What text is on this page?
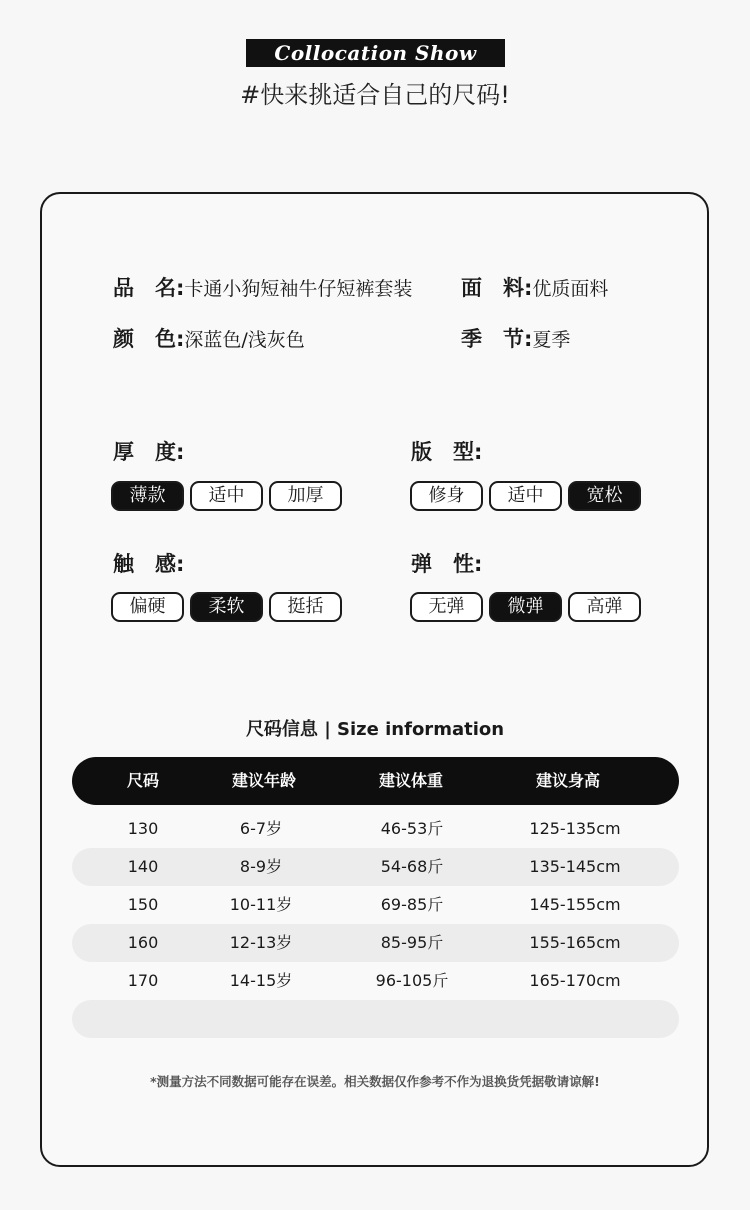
Collocation Show
#快来挑适合自己的尺码!
品　名:卡通小狗短袖牛仔短裤套装 面　料:优质面料
颜　色:深蓝色/浅灰色	季　节:夏季
厚　度:
薄款	适中	加厚
版　型:
修身	适中	宽松
触　感:
偏硬	柔软	挺括
弹　性:
无弹	微弹	高弹
尺码信息 | Size information
尺码	建议年龄	建议体重	建议身高
130	6-7岁	46-53斤	125-135cm
140	8-9岁	54-68斤	135-145cm
150	10-11岁	69-85斤	145-155cm
160	12-13岁	85-95斤	155-165cm
170	14-15岁	96-105斤	165-170cm
*测量方法不同数据可能存在误差。相关数据仅作参考不作为退换货凭据敬请谅解!
